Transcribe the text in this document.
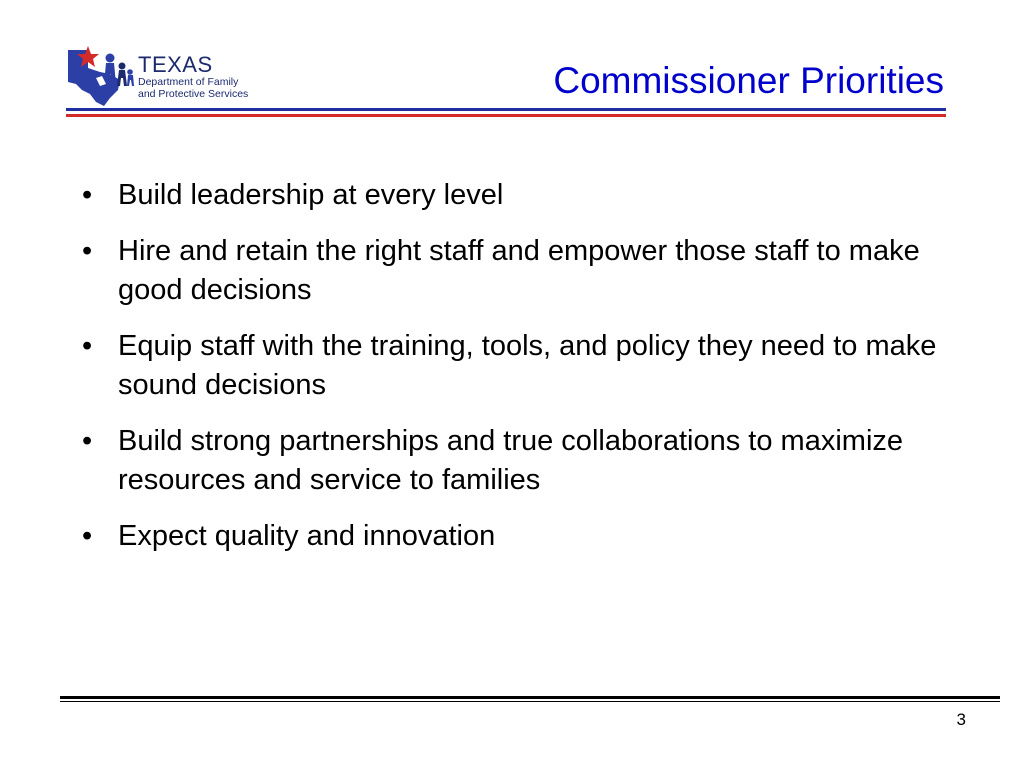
TEXAS
Department of Family
and Protective Services	Commissioner Priorities
• Build leadership at every level
• Hire and retain the right staff and empower those staff to make good decisions
• Equip staff with the training, tools, and policy they need to make sound decisions
• Build strong partnerships and true collaborations to maximize resources and service to families
• Expect quality and innovation
3
